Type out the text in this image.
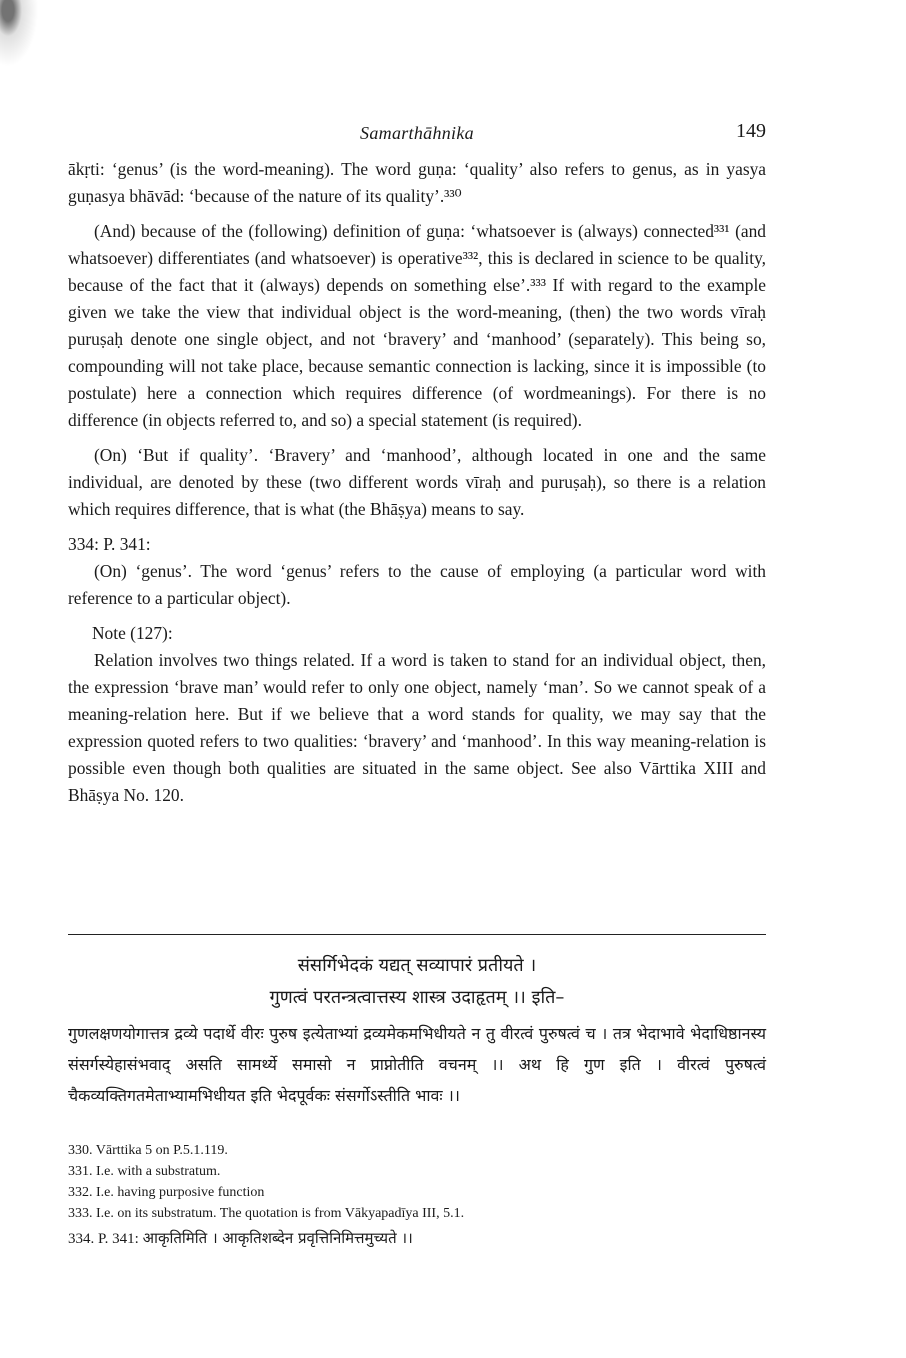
Samarthāhnika	149

ākṛti: ‘genus’ (is the word-meaning). The word guṇa: ‘quality’ also refers to genus, as in yasya guṇasya bhāvād: ‘because of the nature of its quality’.³³⁰

(And) because of the (following) definition of guṇa: ‘whatsoever is (always) connected³³¹ (and whatsoever) differentiates (and whatsoever) is operative³³², this is declared in science to be quality, because of the fact that it (always) depends on something else’.³³³ If with regard to the example given we take the view that individual object is the word-meaning, (then) the two words vīraḥ puruṣaḥ denote one single object, and not ‘bravery’ and ‘manhood’ (separately). This being so, compounding will not take place, because semantic connection is lacking, since it is impossible (to postulate) here a connection which requires difference (of wordmeanings). For there is no difference (in objects referred to, and so) a special statement (is required).

(On) ‘But if quality’. ‘Bravery’ and ‘manhood’, although located in one and the same individual, are denoted by these (two different words vīraḥ and puruṣaḥ), so there is a relation which requires difference, that is what (the Bhāṣya) means to say.

334: P. 341:

(On) ‘genus’. The word ‘genus’ refers to the cause of employing (a particular word with reference to a particular object).

Note (127):

Relation involves two things related. If a word is taken to stand for an individual object, then, the expression ‘brave man’ would refer to only one object, namely ‘man’. So we cannot speak of a meaning-relation here. But if we believe that a word stands for quality, we may say that the expression quoted refers to two qualities: ‘bravery’ and ‘manhood’. In this way meaning-relation is possible even though both qualities are situated in the same object. See also Vārttika XIII and Bhāṣya No. 120.

संसर्गिभेदकं यद्यत् सव्यापारं प्रतीयते ।

गुणत्वं परतन्त्रत्वात्तस्य शास्त्र उदाहृतम् ।। इति–

गुणलक्षणयोगात्तत्र द्रव्ये पदार्थे वीरः पुरुष इत्येताभ्यां द्रव्यमेकमभिधीयते न तु वीरत्वं पुरुषत्वं च । तत्र भेदाभावे भेदाधिष्ठानस्य संसर्गस्येहासंभवाद् असति सामर्थ्ये समासो न प्राप्नोतीति वचनम् ।। अथ हि गुण इति । वीरत्वं पुरुषत्वं चैकव्यक्तिगतमेताभ्यामभिधीयत इति भेदपूर्वकः संसर्गोऽस्तीति भावः ।।

330. Vārttika 5 on P.5.1.119.
331. I.e. with a substratum.
332. I.e. having purposive function
333. I.e. on its substratum. The quotation is from Vākyapadīya III, 5.1.
334. P. 341: आकृतिमिति । आकृतिशब्देन प्रवृत्तिनिमित्तमुच्यते ।।
